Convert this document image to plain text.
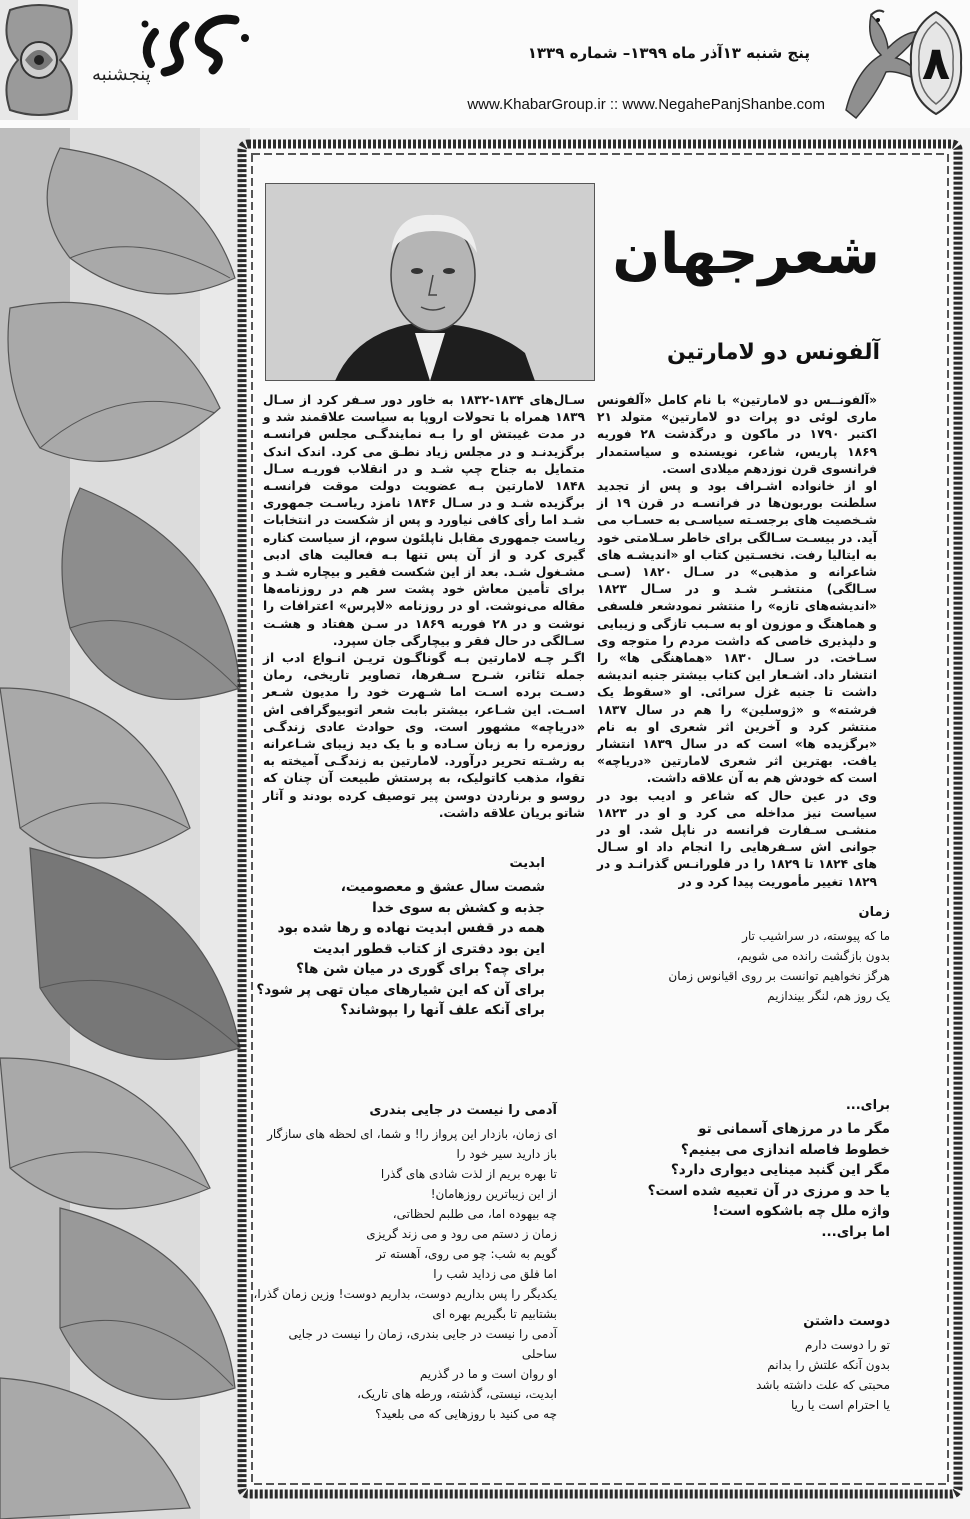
پنجشنبه
پنج شنبه ۱۳آذر ماه ۱۳۹۹– شماره ۱۳۳۹
www.KhabarGroup.ir :: www.NegahePanjShanbe.com
۸
شعرجهان
آلفونس دو لامارتین

«آلفونــس دو لامارتین» با نام کامل «آلفونس ماری لوئی دو پرات دو لامارتین» متولد ۲۱ اکتبر ۱۷۹۰ در ماکون و درگذشت ۲۸ فوریه ۱۸۶۹ پاریس، شاعر، نویسنده و سیاستمدار فرانسوی قرن نوزدهم میلادی است.

او از خانواده اشـراف بود و پس از تجدید سلطنت بوربون‌ها در فرانسـه در قرن ۱۹ از شـخصیت های برجسـته سیاسـی به حسـاب می آید. در بیسـت سـالگی برای خاطر سـلامتی خود به ایتالیا رفت. نخسـتین کتاب او «اندیشـه های شاعرانه و مذهبی» در سـال ۱۸۲۰ (سـی سـالگی) منتشـر شـد و در سـال ۱۸۲۳ «اندیشه‌های تازه» را منتشر نمودشعر فلسفی و هماهنگ و موزون او به سـبب تازگی و زیبایی و دلپذیری خاصی که داشت مردم را متوجه وی سـاخت. در سـال ۱۸۳۰ «هماهنگی ها» را انتشار داد. اشـعار این کتاب بیشتر جنبه اندیشه داشت تا جنبه غزل سرائی. او «سقوط یک فرشته» و «ژوسلین» را هم در سال ۱۸۳۷ منتشر کرد و آخرین اثر شعری او به نام «برگزیده ها» است که در سال ۱۸۳۹ انتشار یافت. بهترین اثر شعری لامارتین «دریاچه» است که خودش هم به آن علاقه داشت.

وی در عین حال که شاعر و ادیب بود در سیاست نیز مداخله می کرد و او در ۱۸۲۳ منشـی سـفارت فرانسه در ناپل شد. او در جوانی اش سـفرهایی را انجام داد او سـال های ۱۸۲۴ تا ۱۸۲۹ را در فلورانـس گذرانـد و در ۱۸۲۹ تغییر مأموریت پیدا کرد و در

سـال‌های ۱۸۳۴-۱۸۳۲ به خاور دور سـفر کرد از سـال ۱۸۳۹ همراه با تحولات اروپا به سیاست علاقمند شد و در مدت غیبتش او را بـه نمایندگـی مجلس فرانسـه برگزیدنـد و در مجلس زیاد نطـق می کرد. اندک اندک متمایل به جناح چپ شـد و در انقلاب فوریـه سـال ۱۸۴۸ لامارتین بـه عضویت دولت موقت فرانسـه برگزیده شـد و در سـال ۱۸۴۶ نامزد ریاسـت جمهوری شـد اما رأی کافی نیاورد و پس از شکست در انتخابات ریاست جمهوری مقابل ناپلئون سوم، از سیاست کناره گیری کرد و از آن پس تنها بـه فعالیت های ادبی مشـغول شـد. بعد از این شکست فقیر و بیچاره شـد و برای تأمین معاش خود پشت سر هم در روزنامه‌ها مقاله می‌نوشت. او در روزنامه «لاپرس» اعترافات را نوشت و در ۲۸ فوریه ۱۸۶۹ در سـن هفتاد و هشـت سـالگی در حال فقر و بیچارگی جان سپرد.

اگـر چـه لامارتین بـه گوناگـون تریـن انـواع ادب از جمله تئاتر، شـرح سـفرها، تصاویر تاریخی، رمان دسـت برده اسـت اما شـهرت خود را مدیون شـعر اسـت. این شـاعر، بیشتر بابت شعر اتوبیوگرافی اش «دریاچه» مشهور است. وی حوادث عادی زندگـی روزمره را به زبان سـاده و با یک دید زیبای شـاعرانه به رشـته تحریر درآورد. لامارتین به زندگـی آمیخته به تقوا، مذهب کاتولیک، به پرستش طبیعت آن چنان که روسو و برناردن دوسن پیر توصیف کرده بودند و آثار شاتو بریان علاقه داشت.

ابدیت
شصت سال عشق و معصومیت،
جذبه و کشش به سوی خدا
همه در قفس ابدیت نهاده و رها شده بود
این بود دفتری از کتاب قطور ابدیت
برای چه؟ برای گوری در میان شن ها؟
برای آن که این شیارهای میان تهی پر شود؟
برای آنکه علف آنها را بپوشاند؟
زمان
ما که پیوسته، در سراشیب تار
بدون بازگشت رانده می شویم،
هرگز نخواهیم توانست بر روی اقیانوس زمان
یک روز هم، لنگر بیندازیم
آدمی را نیست در جایی بندری
ای زمان، بازدار این پرواز را! و شما، ای لحظه های سازگار
باز دارید سیر خود را
تا بهره بریم از لذت شادی های گذرا
از این زیباترین روزهامان!
چه بیهوده اما، می طلبم لحظاتی،
زمان ز دستم می رود و می زند گریزی
گویم به شب: چو می روی، آهسته تر
اما فلق می زداید شب را
یکدیگر را پس بداریم دوست، بداریم دوست! وزین زمان گذرا،
بشتابیم تا بگیریم بهره ای
آدمی را نیست در جایی بندری، زمان را نیست در جایی
ساحلی
او روان است و ما در گذریم
ابدیت، نیستی، گذشته، ورطه های تاریک،
چه می کنید با روزهایی که می بلعید؟
برای...
مگر ما در مرزهای آسمانی تو
خطوط فاصله اندازی می بینیم؟
مگر این گنبد مینایی دیواری دارد؟
یا حد و مرزی در آن تعبیه شده است؟
واژه ملل چه باشکوه است!
اما برای...
دوست داشتن
تو را دوست دارم
بدون آنکه علتش را بدانم
محبتی که علت داشته باشد
یا احترام است یا ریا
